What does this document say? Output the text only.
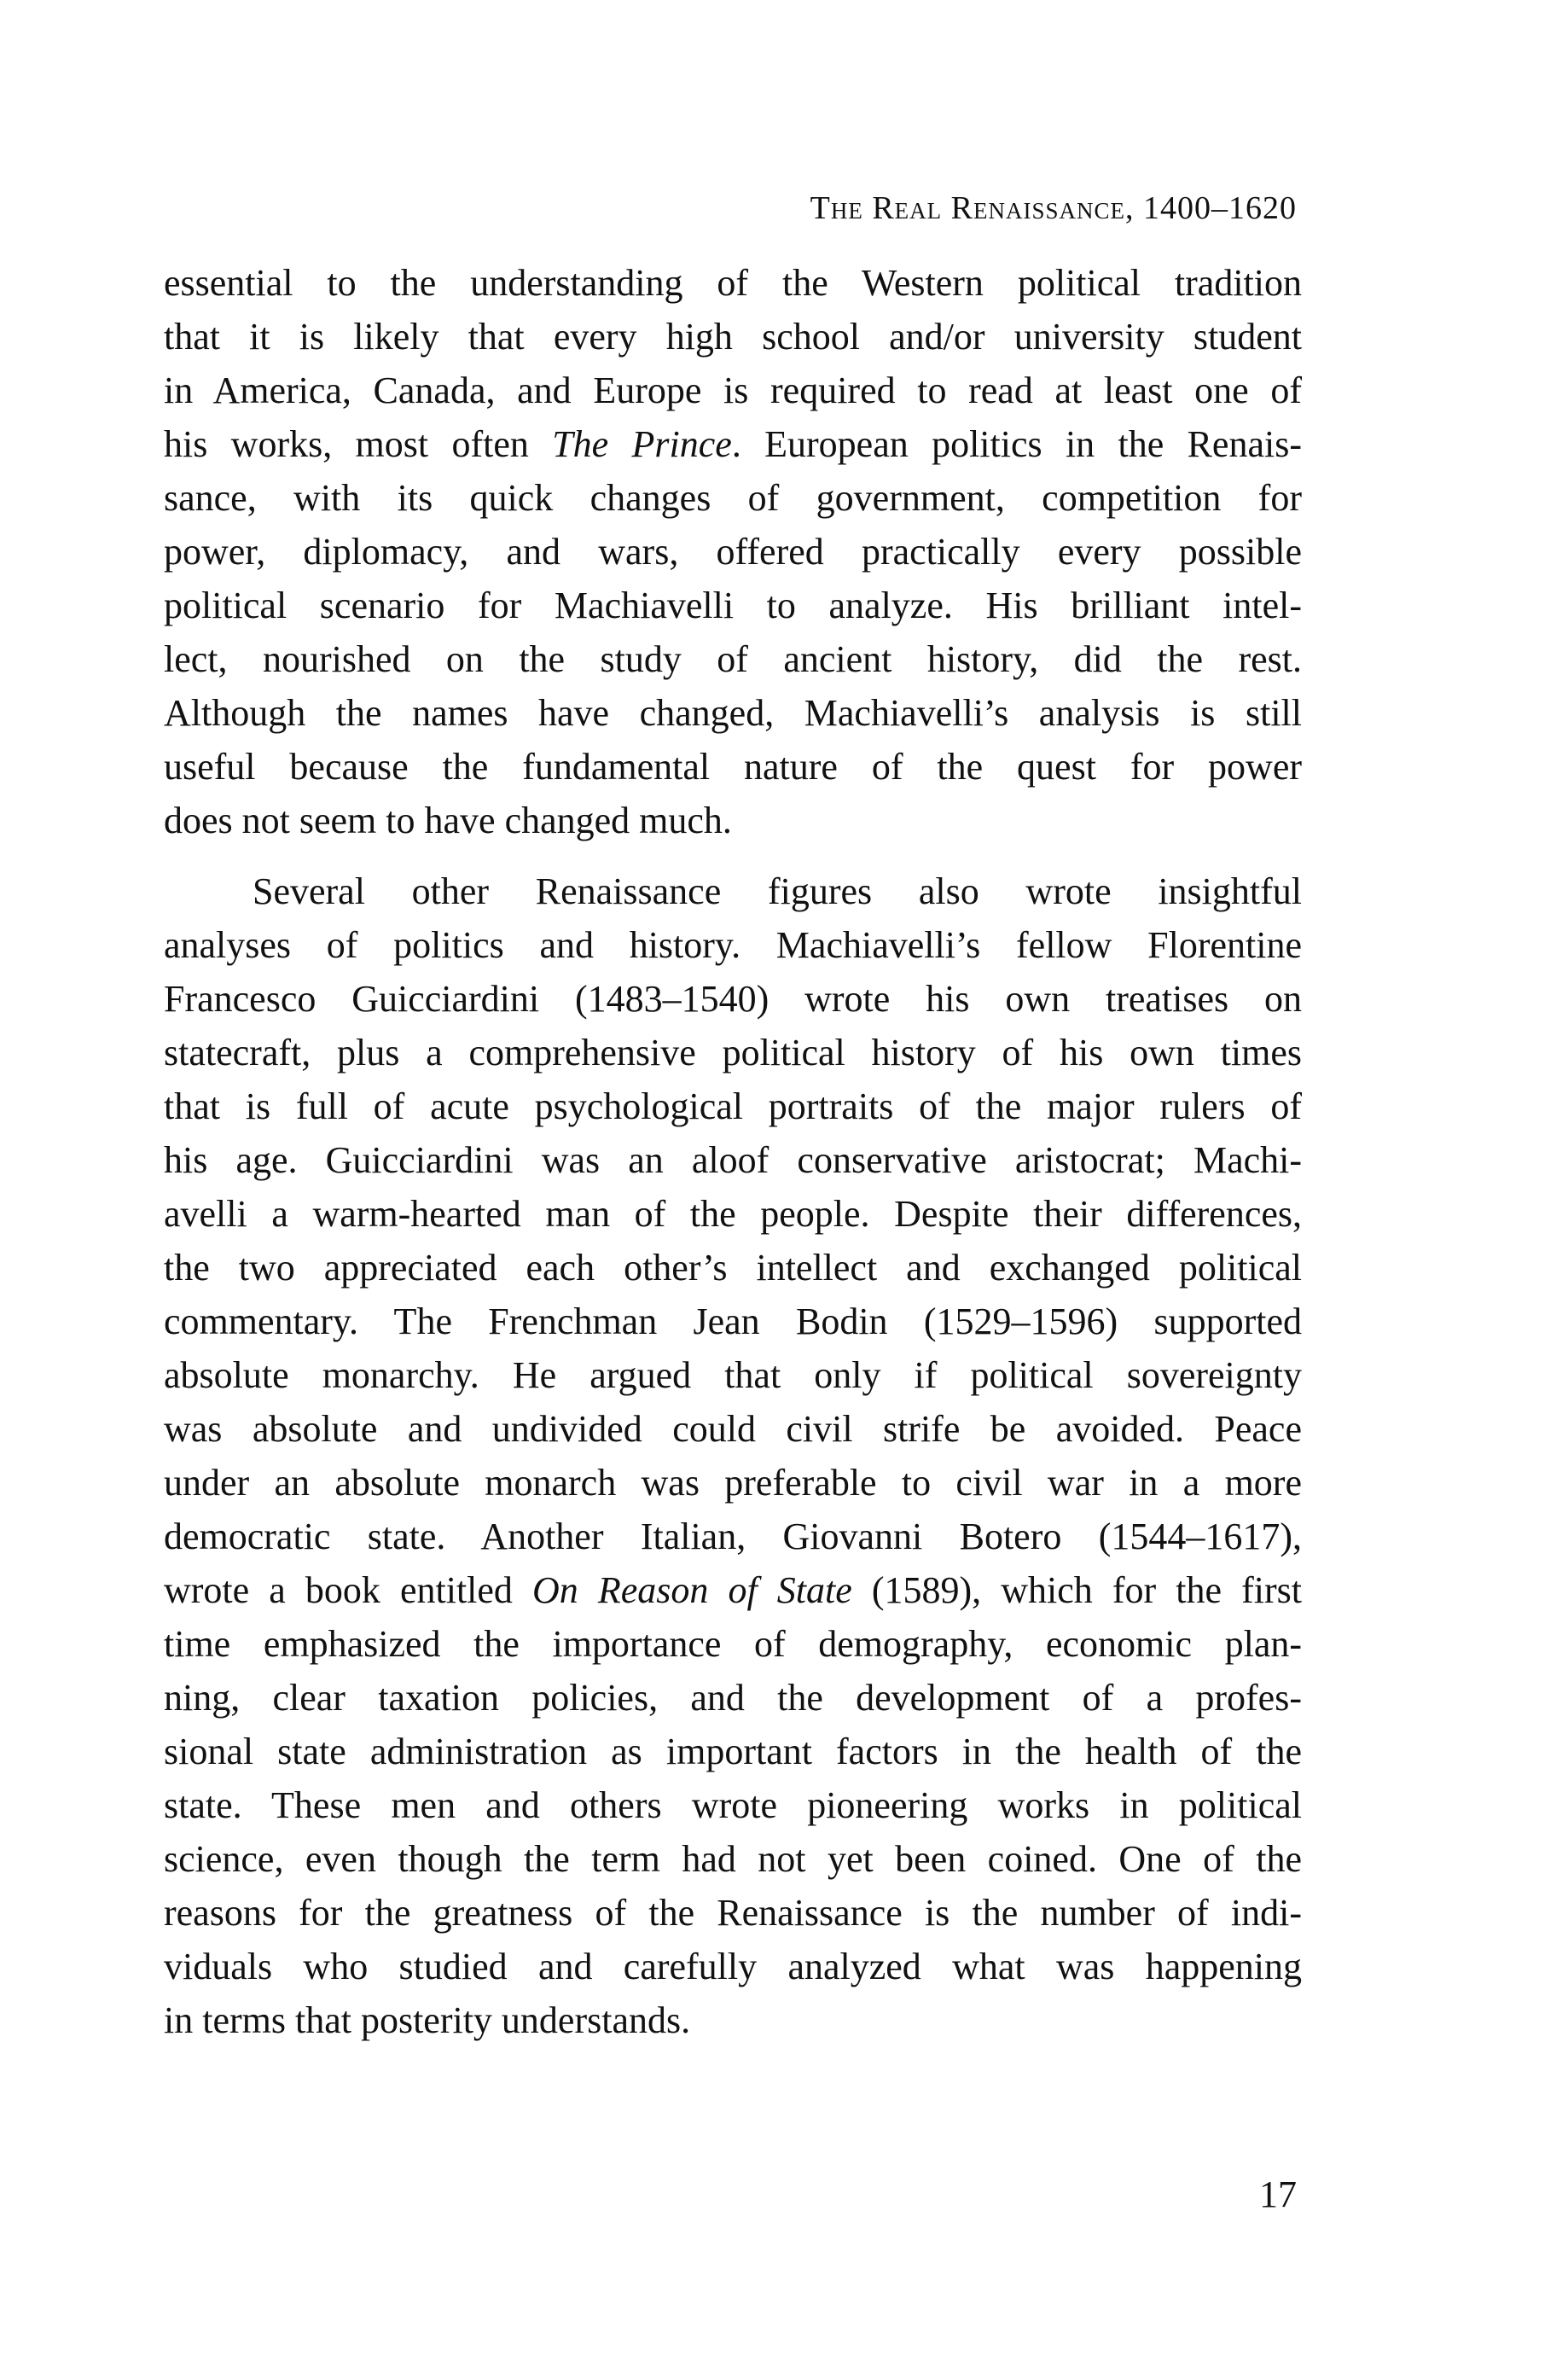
The Real Renaissance, 1400–1620
essential to the understanding of the Western political tradition
that it is likely that every high school and/or university student
in America, Canada, and Europe is required to read at least one of
his works, most often The Prince. European politics in the Renais-
sance, with its quick changes of government, competition for
power, diplomacy, and wars, offered practically every possible
political scenario for Machiavelli to analyze. His brilliant intel-
lect, nourished on the study of ancient history, did the rest.
Although the names have changed, Machiavelli’s analysis is still
useful because the fundamental nature of the quest for power
does not seem to have changed much.
Several other Renaissance figures also wrote insightful
analyses of politics and history. Machiavelli’s fellow Florentine
Francesco Guicciardini (1483–1540) wrote his own treatises on
statecraft, plus a comprehensive political history of his own times
that is full of acute psychological portraits of the major rulers of
his age. Guicciardini was an aloof conservative aristocrat; Machi-
avelli a warm-hearted man of the people. Despite their differences,
the two appreciated each other’s intellect and exchanged political
commentary. The Frenchman Jean Bodin (1529–1596) supported
absolute monarchy. He argued that only if political sovereignty
was absolute and undivided could civil strife be avoided. Peace
under an absolute monarch was preferable to civil war in a more
democratic state. Another Italian, Giovanni Botero (1544–1617),
wrote a book entitled On Reason of State (1589), which for the first
time emphasized the importance of demography, economic plan-
ning, clear taxation policies, and the development of a profes-
sional state administration as important factors in the health of the
state. These men and others wrote pioneering works in political
science, even though the term had not yet been coined. One of the
reasons for the greatness of the Renaissance is the number of indi-
viduals who studied and carefully analyzed what was happening
in terms that posterity understands.
17
